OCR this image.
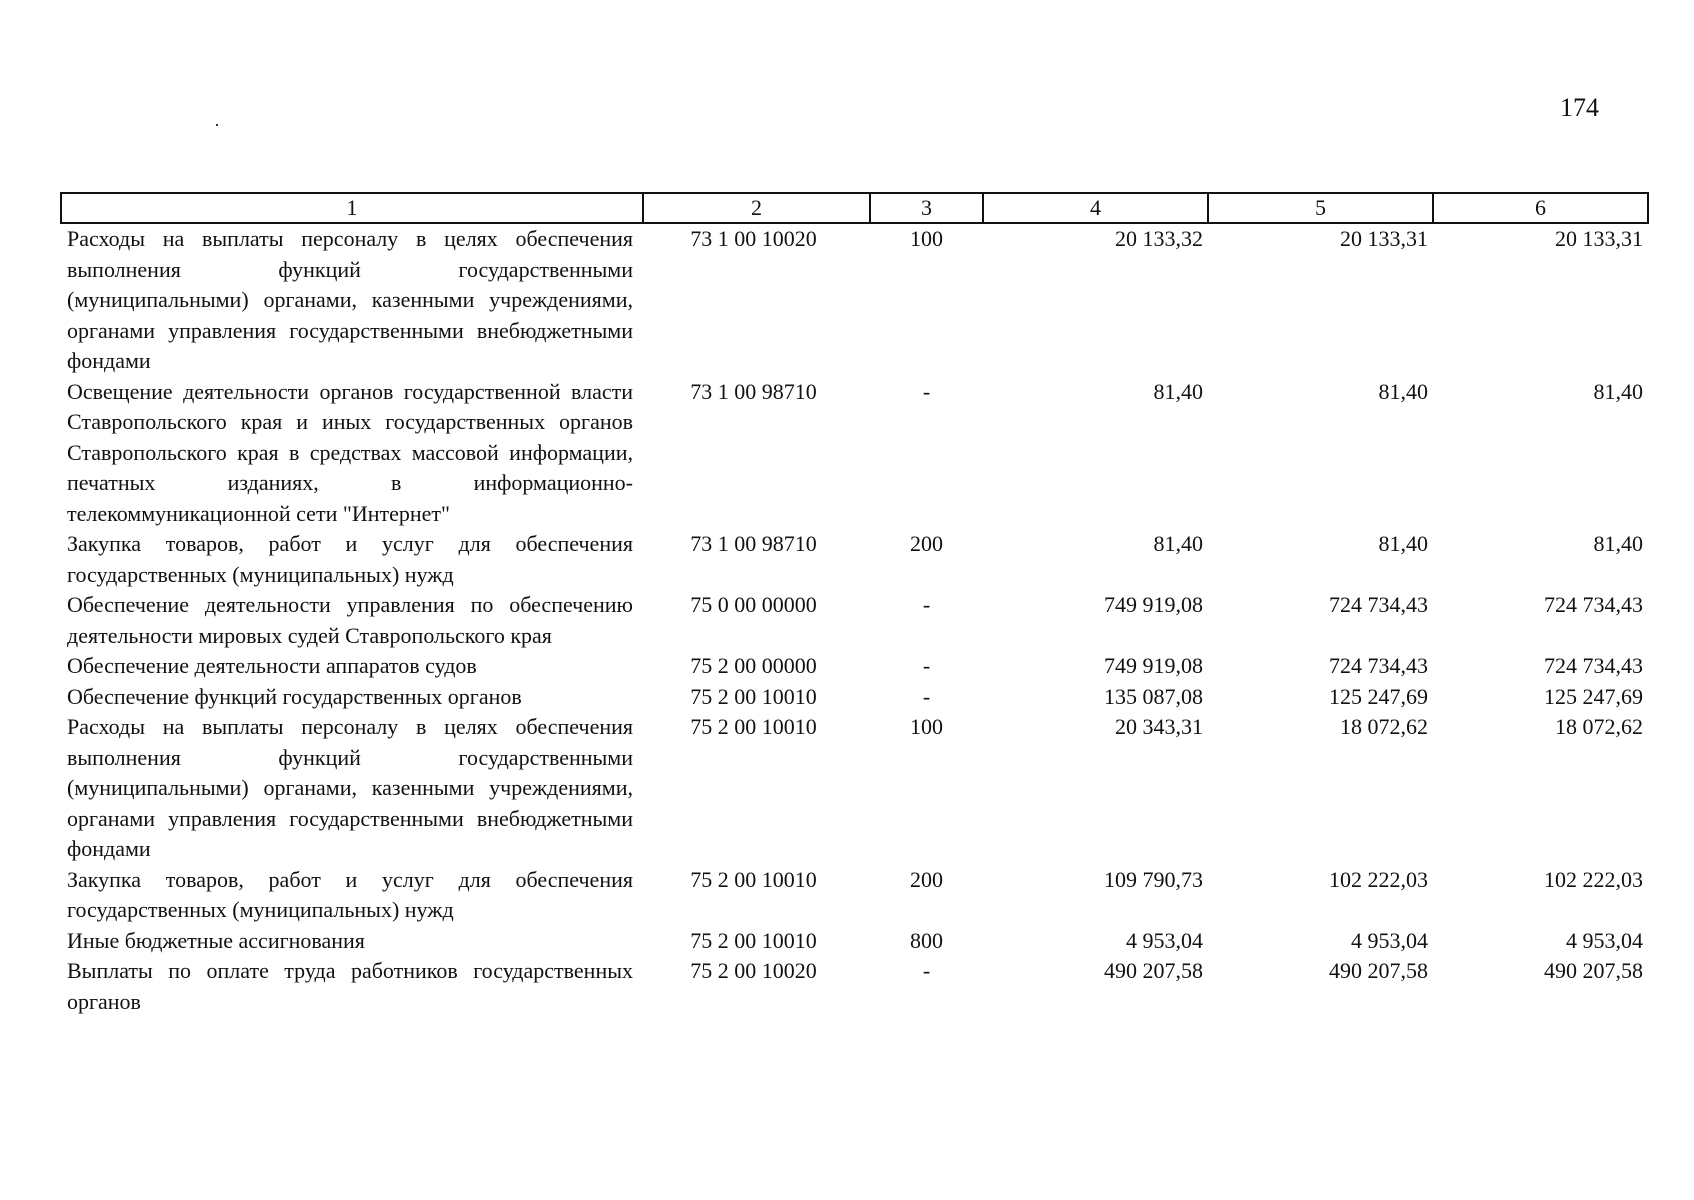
174
1	2	3	4	5	6
Расходы на выплаты персоналу в целях обеспечения выполнения функций государственными (муниципальными) органами, казенными учреждениями, органами управления государственными внебюджетными фондами	73 1 00 10020	100	20 133,32	20 133,31	20 133,31
Освещение деятельности органов государственной власти Ставропольского края и иных государственных органов Ставропольского края в средствах массовой информации, печатных изданиях, в информационно-телекоммуникационной сети "Интернет"	73 1 00 98710	-	81,40	81,40	81,40
Закупка товаров, работ и услуг для обеспечения государственных (муниципальных) нужд	73 1 00 98710	200	81,40	81,40	81,40
Обеспечение деятельности управления по обеспечению деятельности мировых судей Ставропольского края	75 0 00 00000	-	749 919,08	724 734,43	724 734,43
Обеспечение деятельности аппаратов судов	75 2 00 00000	-	749 919,08	724 734,43	724 734,43
Обеспечение функций государственных органов	75 2 00 10010	-	135 087,08	125 247,69	125 247,69
Расходы на выплаты персоналу в целях обеспечения выполнения функций государственными (муниципальными) органами, казенными учреждениями, органами управления государственными внебюджетными фондами	75 2 00 10010	100	20 343,31	18 072,62	18 072,62
Закупка товаров, работ и услуг для обеспечения государственных (муниципальных) нужд	75 2 00 10010	200	109 790,73	102 222,03	102 222,03
Иные бюджетные ассигнования	75 2 00 10010	800	4 953,04	4 953,04	4 953,04
Выплаты по оплате труда работников государственных органов	75 2 00 10020	-	490 207,58	490 207,58	490 207,58
